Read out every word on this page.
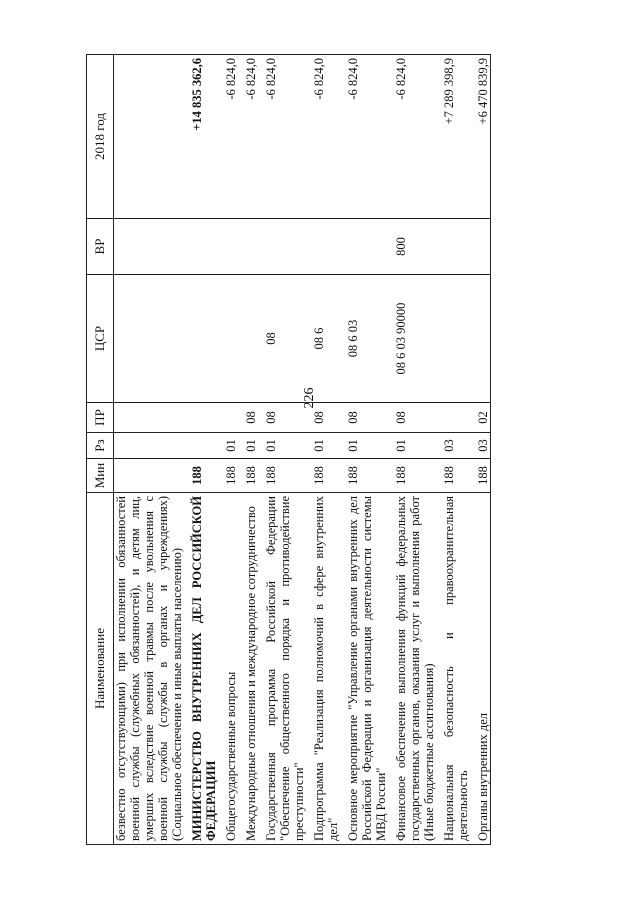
226
Наименование	Мин	Рз	ПР	ЦСР	ВР	2018 год
безвестно отсутствующими) при исполнении обязанностей военной службы (служебных обязанностей), и детям лиц, умерших вследствие военной травмы после увольнения с военной службы (службы в органах и учреждениях) (Социальное обеспечение и иные выплаты населению)						

МИНИСТЕРСТВО ВНУТРЕННИХ ДЕЛ РОССИЙСКОЙ ФЕДЕРАЦИИ	188					+14 835 362,6

Общегосударственные вопросы	188	01				-6 824,0

Международные отношения и международное сотрудничество	188	01	08			-6 824,0

Государственная программа Российской Федерации "Обеспечение общественного порядка и противодействие преступности"	188	01	08	08		-6 824,0

Подпрограмма "Реализация полномочий в сфере внутренних дел"	188	01	08	08 6		-6 824,0

Основное мероприятие "Управление органами внутренних дел Российской Федерации и организация деятельности системы МВД России"	188	01	08	08 6 03		-6 824,0

Финансовое обеспечение выполнения функций федеральных государственных органов, оказания услуг и выполнения работ (Иные бюджетные ассигнования)	188	01	08	08 6 03 90000	800	-6 824,0

Национальная безопасность и правоохранительная деятельность	188	03				+7 289 398,9

Органы внутренних дел	188	03	02			+6 470 839,9
